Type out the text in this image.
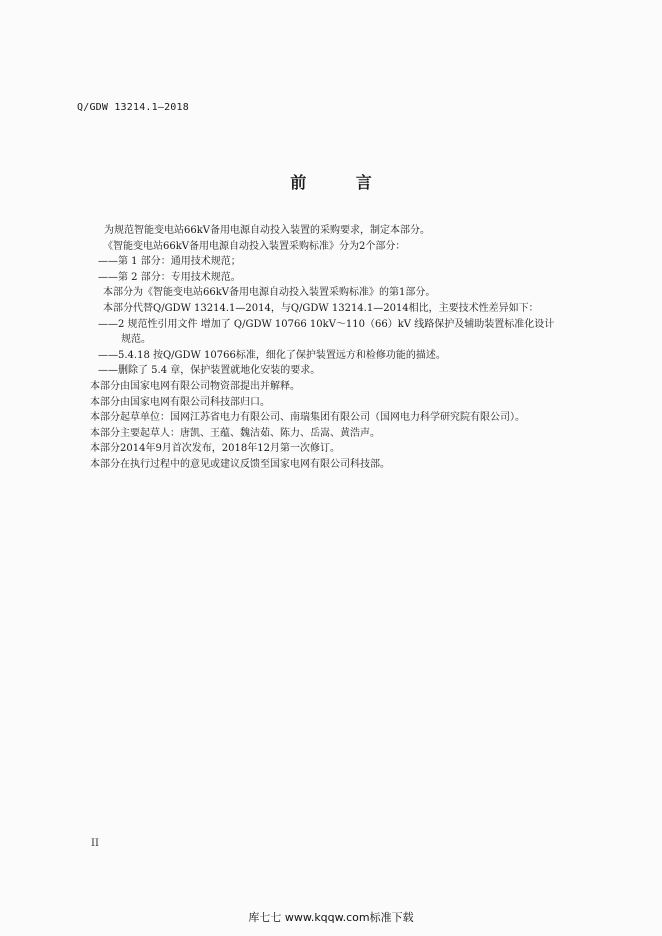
Q/GDW 13214.1—2018
前 言

为规范智能变电站66kV备用电源自动投入装置的采购要求，制定本部分。

《智能变电站66kV备用电源自动投入装置采购标准》分为2个部分：

——第 1 部分：通用技术规范；

——第 2 部分：专用技术规范。

本部分为《智能变电站66kV备用电源自动投入装置采购标准》的第1部分。

本部分代替Q/GDW 13214.1—2014，与Q/GDW 13214.1—2014相比，主要技术性差异如下：

——2 规范性引用文件 增加了 Q/GDW 10766 10kV～110（66）kV 线路保护及辅助装置标准化设计

规范。

——5.4.18 按Q/GDW 10766标准，细化了保护装置远方和检修功能的描述。

——删除了 5.4 章，保护装置就地化安装的要求。

本部分由国家电网有限公司物资部提出并解释。

本部分由国家电网有限公司科技部归口。

本部分起草单位：国网江苏省电力有限公司、南瑞集团有限公司（国网电力科学研究院有限公司）。

本部分主要起草人：唐凯、王蕴、魏洁茹、陈力、岳嵩、黄浩声。

本部分2014年9月首次发布，2018年12月第一次修订。

本部分在执行过程中的意见或建议反馈至国家电网有限公司科技部。

II
库七七 www.kqqw.com标准下载
